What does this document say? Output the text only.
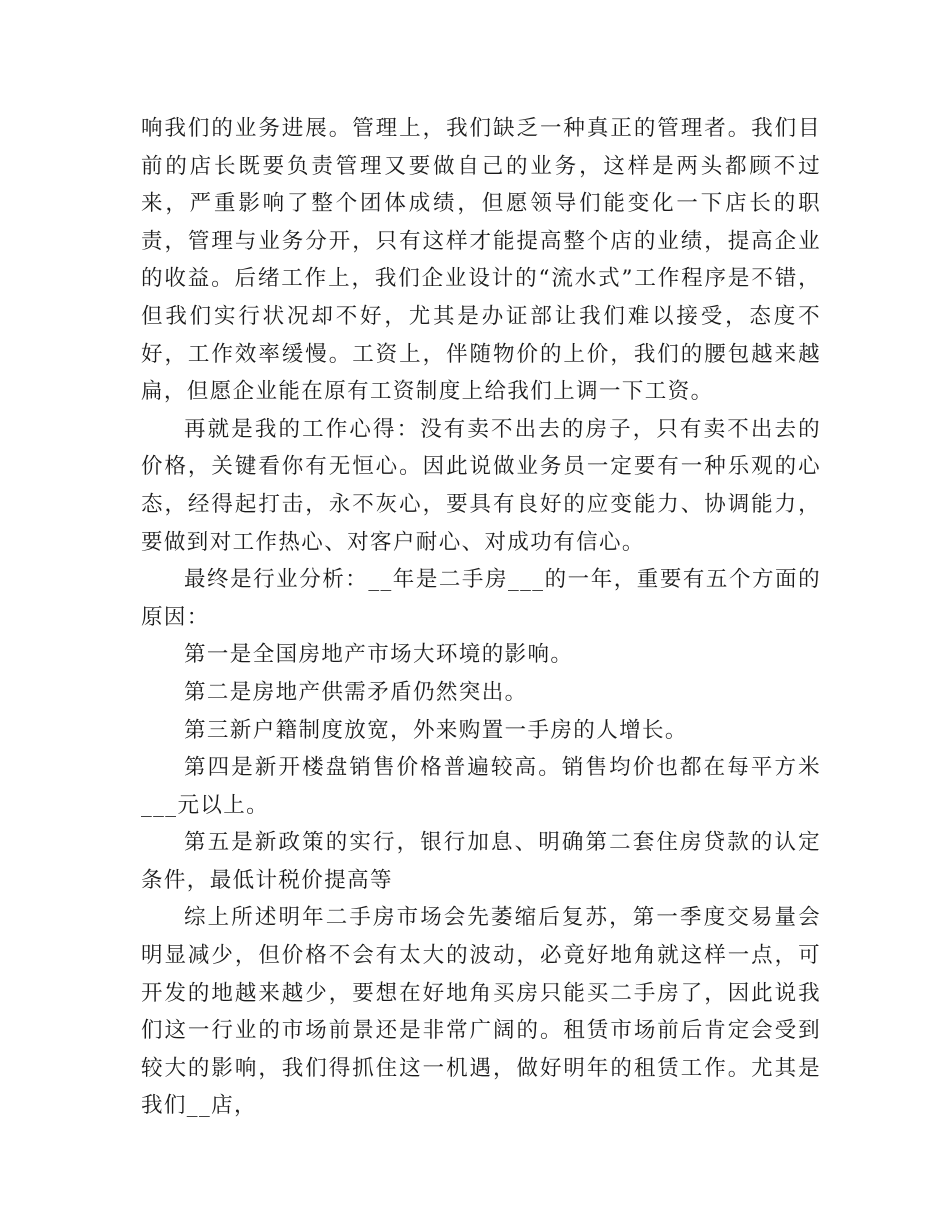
响我们的业务进展。管理上，我们缺乏一种真正的管理者。我们目前的店长既要负责管理又要做自己的业务，这样是两头都顾不过来，严重影响了整个团体成绩，但愿领导们能变化一下店长的职责，管理与业务分开，只有这样才能提高整个店的业绩，提高企业的收益。后绪工作上，我们企业设计的“流水式”工作程序是不错，但我们实行状况却不好，尤其是办证部让我们难以接受，态度不好，工作效率缓慢。工资上，伴随物价的上价，我们的腰包越来越扁，但愿企业能在原有工资制度上给我们上调一下工资。

再就是我的工作心得：没有卖不出去的房子，只有卖不出去的价格，关键看你有无恒心。因此说做业务员一定要有一种乐观的心态，经得起打击，永不灰心，要具有良好的应变能力、协调能力，要做到对工作热心、对客户耐心、对成功有信心。

最终是行业分析：__年是二手房___的一年，重要有五个方面的原因：

第一是全国房地产市场大环境的影响。

第二是房地产供需矛盾仍然突出。

第三新户籍制度放宽，外来购置一手房的人增长。

第四是新开楼盘销售价格普遍较高。销售均价也都在每平方米___元以上。

第五是新政策的实行，银行加息、明确第二套住房贷款的认定条件，最低计税价提高等

综上所述明年二手房市场会先萎缩后复苏，第一季度交易量会明显减少，但价格不会有太大的波动，必竟好地角就这样一点，可开发的地越来越少，要想在好地角买房只能买二手房了，因此说我们这一行业的市场前景还是非常广阔的。租赁市场前后肯定会受到较大的影响，我们得抓住这一机遇，做好明年的租赁工作。尤其是我们__店，
